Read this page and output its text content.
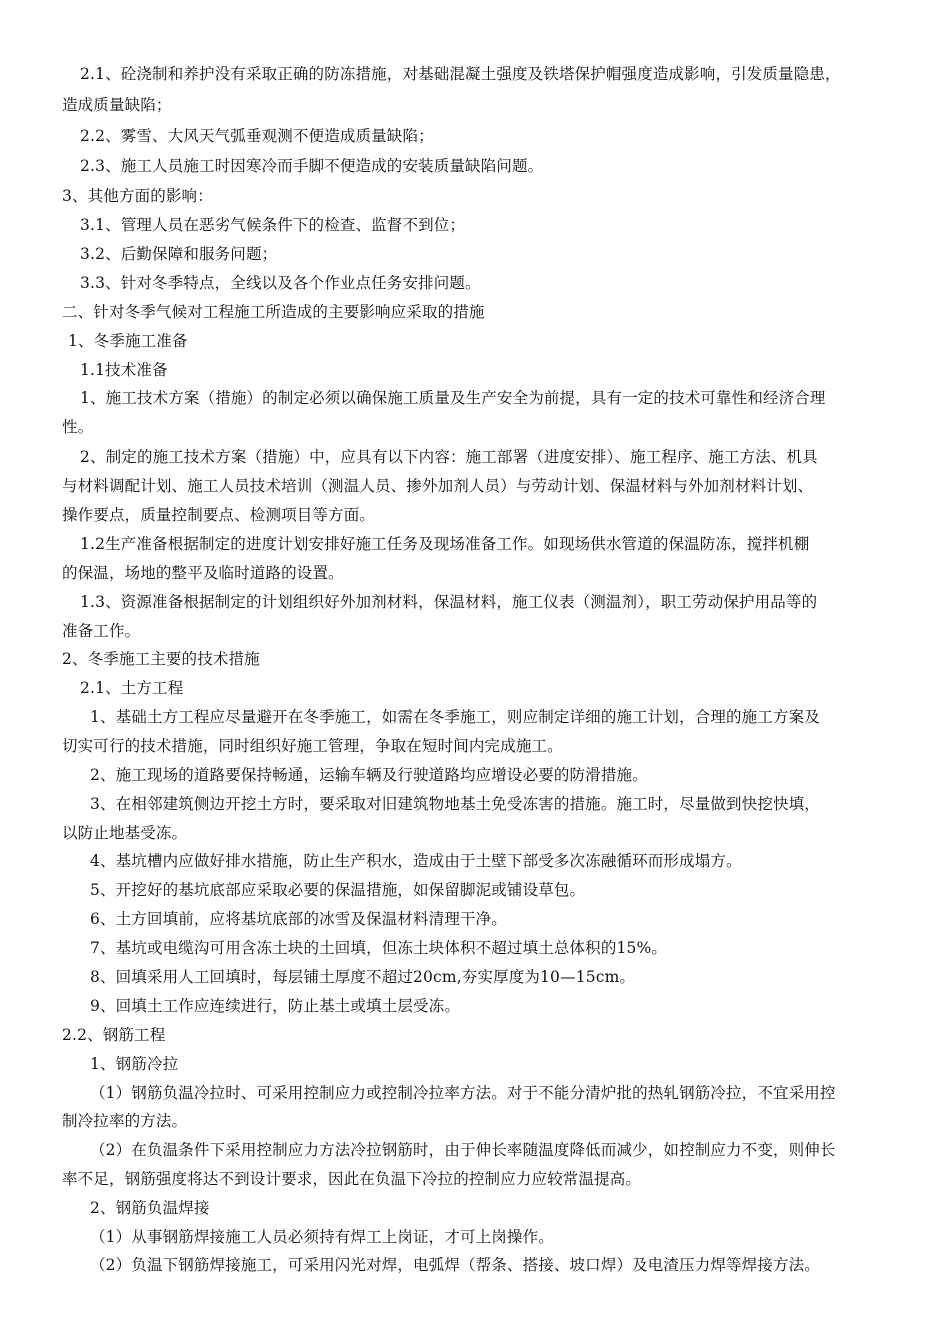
2.1、砼浇制和养护没有采取正确的防冻措施，对基础混凝土强度及铁塔保护帽强度造成影响，引发质量隐患，
造成质量缺陷；
2.2、雾雪、大风天气弧垂观测不便造成质量缺陷；
2.3、施工人员施工时因寒冷而手脚不便造成的安装质量缺陷问题。
3、其他方面的影响：
3.1、管理人员在恶劣气候条件下的检查、监督不到位；
3.2、后勤保障和服务问题；
3.3、针对冬季特点，全线以及各个作业点任务安排问题。
二、针对冬季气候对工程施工所造成的主要影响应采取的措施
1、冬季施工准备
1.1技术准备
1、施工技术方案（措施）的制定必须以确保施工质量及生产安全为前提，具有一定的技术可靠性和经济合理
性。
2、制定的施工技术方案（措施）中，应具有以下内容：施工部署（进度安排）、施工程序、施工方法、机具
与材料调配计划、施工人员技术培训（测温人员、掺外加剂人员）与劳动计划、保温材料与外加剂材料计划、
操作要点，质量控制要点、检测项目等方面。
1.2生产准备根据制定的进度计划安排好施工任务及现场准备工作。如现场供水管道的保温防冻，搅拌机棚
的保温，场地的整平及临时道路的设置。
1.3、资源准备根据制定的计划组织好外加剂材料，保温材料，施工仪表（测温剂），职工劳动保护用品等的
准备工作。
2、冬季施工主要的技术措施
2.1、土方工程
1、基础土方工程应尽量避开在冬季施工，如需在冬季施工，则应制定详细的施工计划，合理的施工方案及
切实可行的技术措施，同时组织好施工管理，争取在短时间内完成施工。
2、施工现场的道路要保持畅通，运输车辆及行驶道路均应增设必要的防滑措施。
3、在相邻建筑侧边开挖土方时，要采取对旧建筑物地基土免受冻害的措施。施工时，尽量做到快挖快填，
以防止地基受冻。
4、基坑槽内应做好排水措施，防止生产积水，造成由于土壁下部受多次冻融循环而形成塌方。
5、开挖好的基坑底部应采取必要的保温措施，如保留脚泥或铺设草包。
6、土方回填前，应将基坑底部的冰雪及保温材料清理干净。
7、基坑或电缆沟可用含冻土块的土回填，但冻土块体积不超过填土总体积的15%。
8、回填采用人工回填时，每层铺土厚度不超过20cm,夯实厚度为10—15cm。
9、回填土工作应连续进行，防止基土或填土层受冻。
2.2、钢筋工程
1、钢筋冷拉
（1）钢筋负温冷拉时、可采用控制应力或控制冷拉率方法。对于不能分清炉批的热轧钢筋冷拉，不宜采用控
制冷拉率的方法。
（2）在负温条件下采用控制应力方法冷拉钢筋时，由于伸长率随温度降低而减少，如控制应力不变，则伸长
率不足，钢筋强度将达不到设计要求，因此在负温下冷拉的控制应力应较常温提高。
2、钢筋负温焊接
（1）从事钢筋焊接施工人员必须持有焊工上岗证，才可上岗操作。
（2）负温下钢筋焊接施工，可采用闪光对焊，电弧焊（帮条、搭接、坡口焊）及电渣压力焊等焊接方法。
